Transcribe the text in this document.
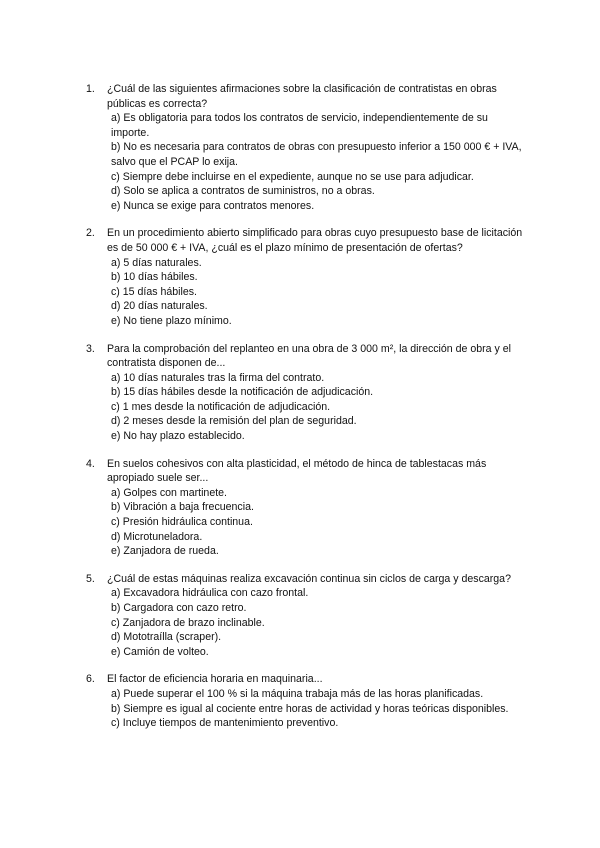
1.	¿Cuál de las siguientes afirmaciones sobre la clasificación de contratistas en obras públicas es correcta?
a) Es obligatoria para todos los contratos de servicio, independientemente de su importe.
b) No es necesaria para contratos de obras con presupuesto inferior a 150 000 € + IVA, salvo que el PCAP lo exija.
c) Siempre debe incluirse en el expediente, aunque no se use para adjudicar.
d) Solo se aplica a contratos de suministros, no a obras.
e) Nunca se exige para contratos menores.
2.	En un procedimiento abierto simplificado para obras cuyo presupuesto base de licitación es de 50 000 € + IVA, ¿cuál es el plazo mínimo de presentación de ofertas?
a) 5 días naturales.
b) 10 días hábiles.
c) 15 días hábiles.
d) 20 días naturales.
e) No tiene plazo mínimo.
3.	Para la comprobación del replanteo en una obra de 3 000 m², la dirección de obra y el contratista disponen de...
a) 10 días naturales tras la firma del contrato.
b) 15 días hábiles desde la notificación de adjudicación.
c) 1 mes desde la notificación de adjudicación.
d) 2 meses desde la remisión del plan de seguridad.
e) No hay plazo establecido.
4.	En suelos cohesivos con alta plasticidad, el método de hinca de tablestacas más apropiado suele ser...
a) Golpes con martinete.
b) Vibración a baja frecuencia.
c) Presión hidráulica continua.
d) Microtuneladora.
e) Zanjadora de rueda.
5.	¿Cuál de estas máquinas realiza excavación continua sin ciclos de carga y descarga?
a) Excavadora hidráulica con cazo frontal.
b) Cargadora con cazo retro.
c) Zanjadora de brazo inclinable.
d) Mototraílla (scraper).
e) Camión de volteo.
6.	El factor de eficiencia horaria en maquinaria...
a) Puede superar el 100 % si la máquina trabaja más de las horas planificadas.
b) Siempre es igual al cociente entre horas de actividad y horas teóricas disponibles.
c) Incluye tiempos de mantenimiento preventivo.
